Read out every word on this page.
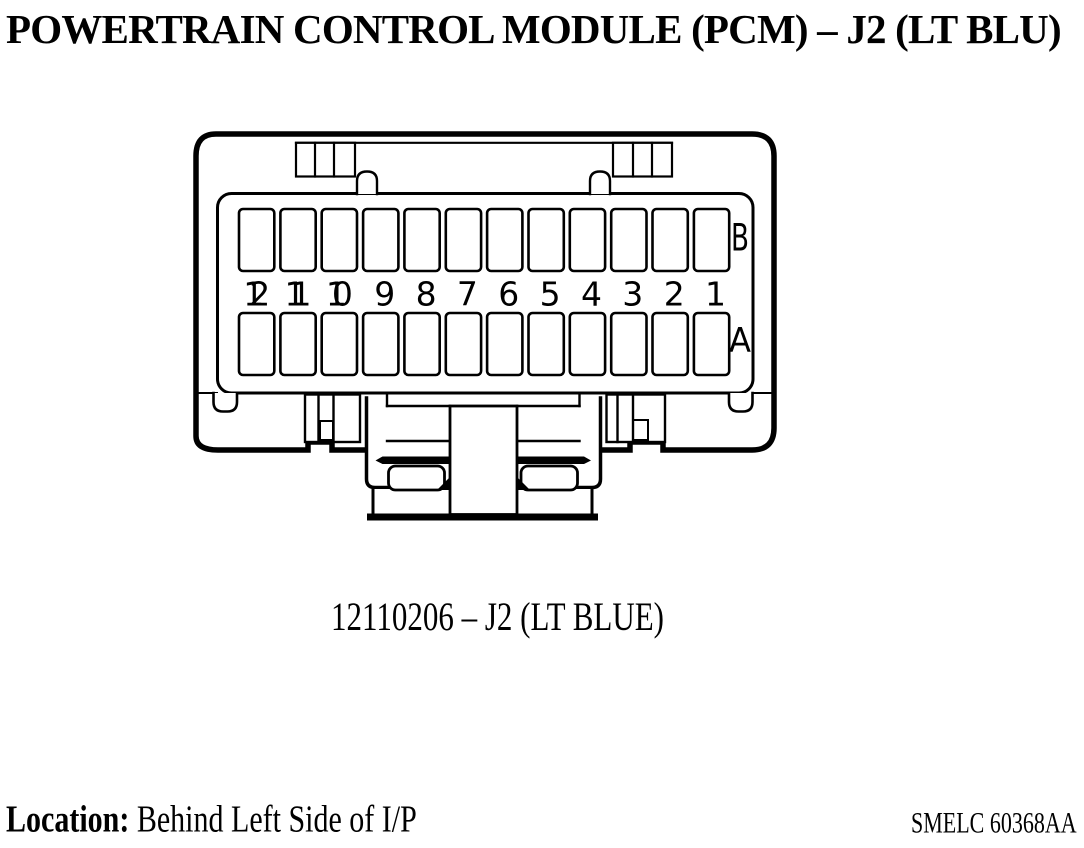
POWERTRAIN CONTROL MODULE (PCM) – J2 (LT BLU)
12 11 10 9 8 7 6 5 4 3 2 1
B
A
12110206 – J2 (LT BLUE)
Location: Behind Left Side of I/P	SMELC 60368AA
